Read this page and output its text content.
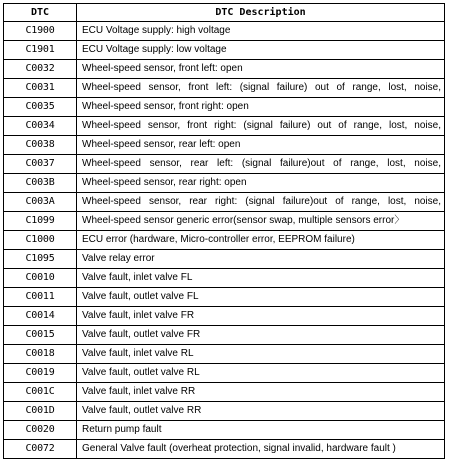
DTC	DTC Description
C1900	ECU Voltage supply: high voltage
C1901	ECU Voltage supply: low voltage
C0032	Wheel-speed sensor, front left: open
C0031	Wheel-speed sensor, front left: (signal failure) out of range, lost, noise,
C0035	Wheel-speed sensor, front right: open
C0034	Wheel-speed sensor, front right: (signal failure) out of range, lost, noise,
C0038	Wheel-speed sensor, rear left: open
C0037	Wheel-speed sensor, rear left: (signal failure)out of range, lost, noise,
C003B	Wheel-speed sensor, rear right: open
C003A	Wheel-speed sensor, rear right: (signal failure)out of range, lost, noise,
C1099	Wheel-speed sensor generic error(sensor swap, multiple sensors error〉
C1000	ECU error (hardware, Micro-controller error, EEPROM failure)
C1095	Valve relay error
C0010	Valve fault, inlet valve FL
C0011	Valve fault, outlet valve FL
C0014	Valve fault, inlet valve FR
C0015	Valve fault, outlet valve FR
C0018	Valve fault, inlet valve RL
C0019	Valve fault, outlet valve RL
C001C	Valve fault, inlet valve RR
C001D	Valve fault, outlet valve RR
C0020	Return pump fault
C0072	General Valve fault (overheat protection, signal invalid, hardware fault )
